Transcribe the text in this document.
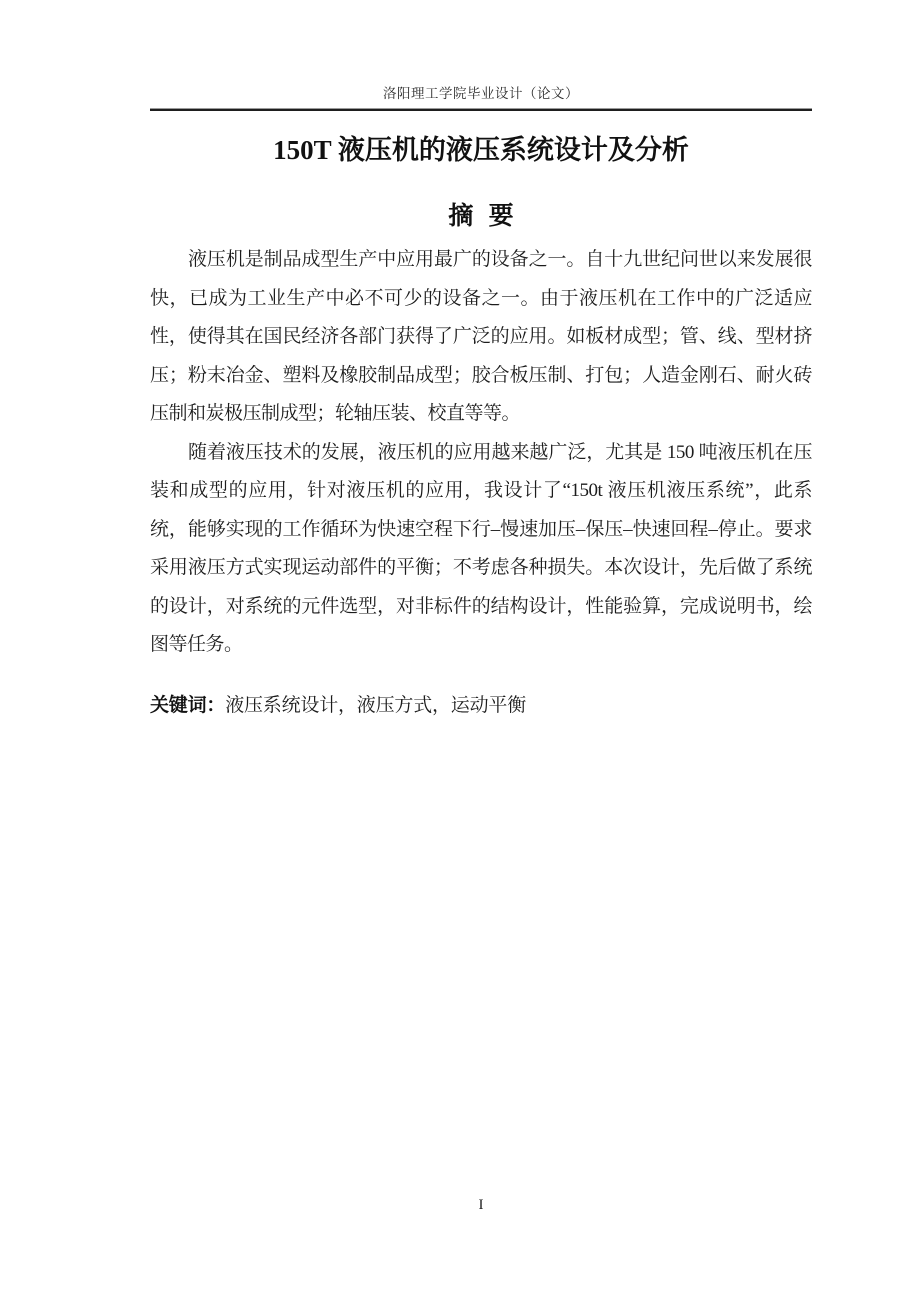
洛阳理工学院毕业设计（论文）
150T 液压机的液压系统设计及分析
摘 要

液压机是制品成型生产中应用最广的设备之一。自十九世纪问世以来发展很快，已成为工业生产中必不可少的设备之一。由于液压机在工作中的广泛适应性，使得其在国民经济各部门获得了广泛的应用。如板材成型；管、线、型材挤压；粉末冶金、塑料及橡胶制品成型；胶合板压制、打包；人造金刚石、耐火砖压制和炭极压制成型；轮轴压装、校直等等。

随着液压技术的发展，液压机的应用越来越广泛，尤其是 150 吨液压机在压装和成型的应用，针对液压机的应用，我设计了“150t 液压机液压系统”，此系统，能够实现的工作循环为快速空程下行–慢速加压–保压–快速回程–停止。要求采用液压方式实现运动部件的平衡；不考虑各种损失。本次设计，先后做了系统的设计，对系统的元件选型，对非标件的结构设计，性能验算，完成说明书，绘图等任务。

关键词：液压系统设计，液压方式，运动平衡
I
